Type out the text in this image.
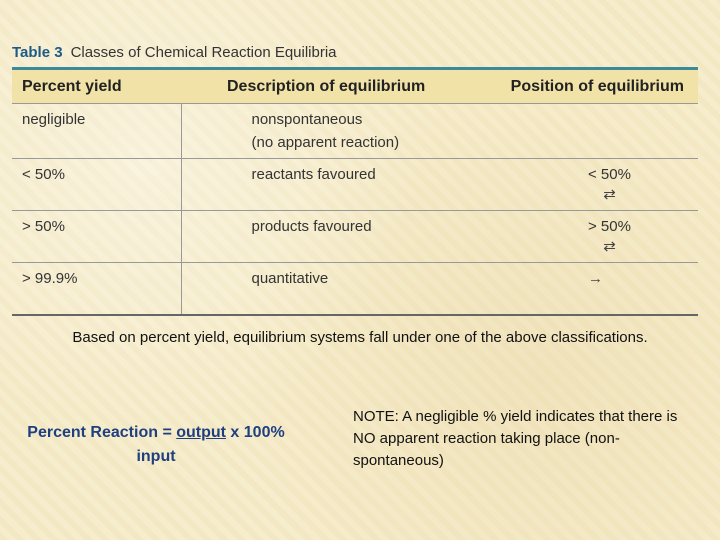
Table 3 Classes of Chemical Reaction Equilibria
Percent yield	Description of equilibrium	Position of equilibrium
negligible	nonspontaneous
(no apparent reaction)	

< 50%	reactants favoured	< 50%
⇄

> 50%	products favoured	> 50%
⇄

> 99.9%	quantitative	→
Based on percent yield, equilibrium systems fall under one of the above classifications.
Percent Reaction = output x 100%
input
NOTE: A negligible % yield indicates that there is NO apparent reaction taking place (non-spontaneous)
